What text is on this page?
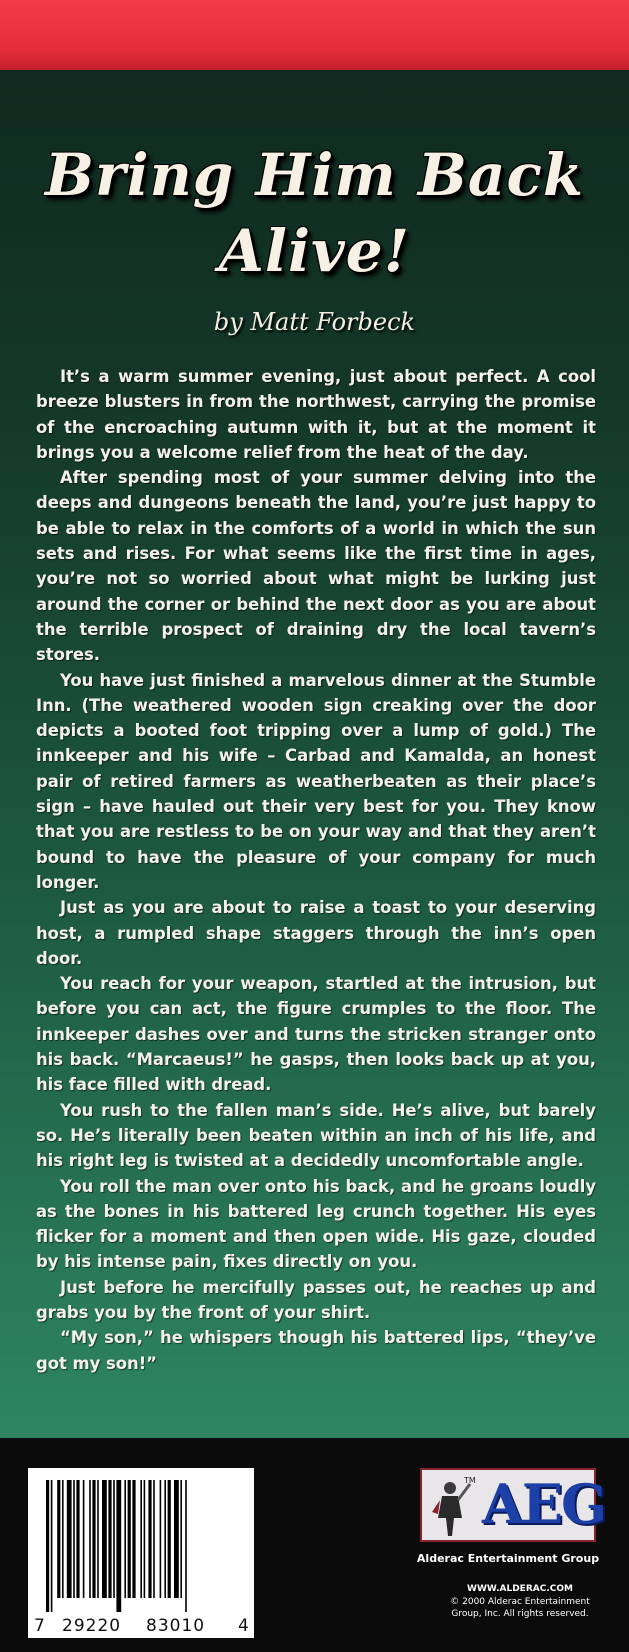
Bring Him Back
Alive!
by Matt Forbeck

It’s a warm summer evening, just about perfect. A cool breeze blusters in from the northwest, carrying the promise of the encroaching autumn with it, but at the moment it brings you a welcome relief from the heat of the day.

After spending most of your summer delving into the deeps and dungeons beneath the land, you’re just happy to be able to relax in the comforts of a world in which the sun sets and rises. For what seems like the first time in ages, you’re not so worried about what might be lurking just around the corner or behind the next door as you are about the terrible prospect of draining dry the local tavern’s stores.

You have just finished a marvelous dinner at the Stumble Inn. (The weathered wooden sign creaking over the door depicts a booted foot tripping over a lump of gold.) The innkeeper and his wife – Carbad and Kamalda, an honest pair of retired farmers as weatherbeaten as their place’s sign – have hauled out their very best for you. They know that you are restless to be on your way and that they aren’t bound to have the pleasure of your company for much longer.

Just as you are about to raise a toast to your deserving host, a rumpled shape staggers through the inn’s open door.

You reach for your weapon, startled at the intrusion, but before you can act, the figure crumples to the floor. The innkeeper dashes over and turns the stricken stranger onto his back. “Marcaeus!” he gasps, then looks back up at you, his face filled with dread.

You rush to the fallen man’s side. He’s alive, but barely so. He’s literally been beaten within an inch of his life, and his right leg is twisted at a decidedly uncomfortable angle.

You roll the man over onto his back, and he groans loudly as the bones in his battered leg crunch together. His eyes flicker for a moment and then open wide. His gaze, clouded by his intense pain, fixes directly on you.

Just before he mercifully passes out, he reaches up and grabs you by the front of your shirt.

“My son,” he whispers though his battered lips, “they’ve got my son!”

7 29220 83010 4
TM AEG
Alderac Entertainment Group
WWW.ALDERAC.COM
© 2000 Alderac Entertainment
Group, Inc. All rights reserved.
